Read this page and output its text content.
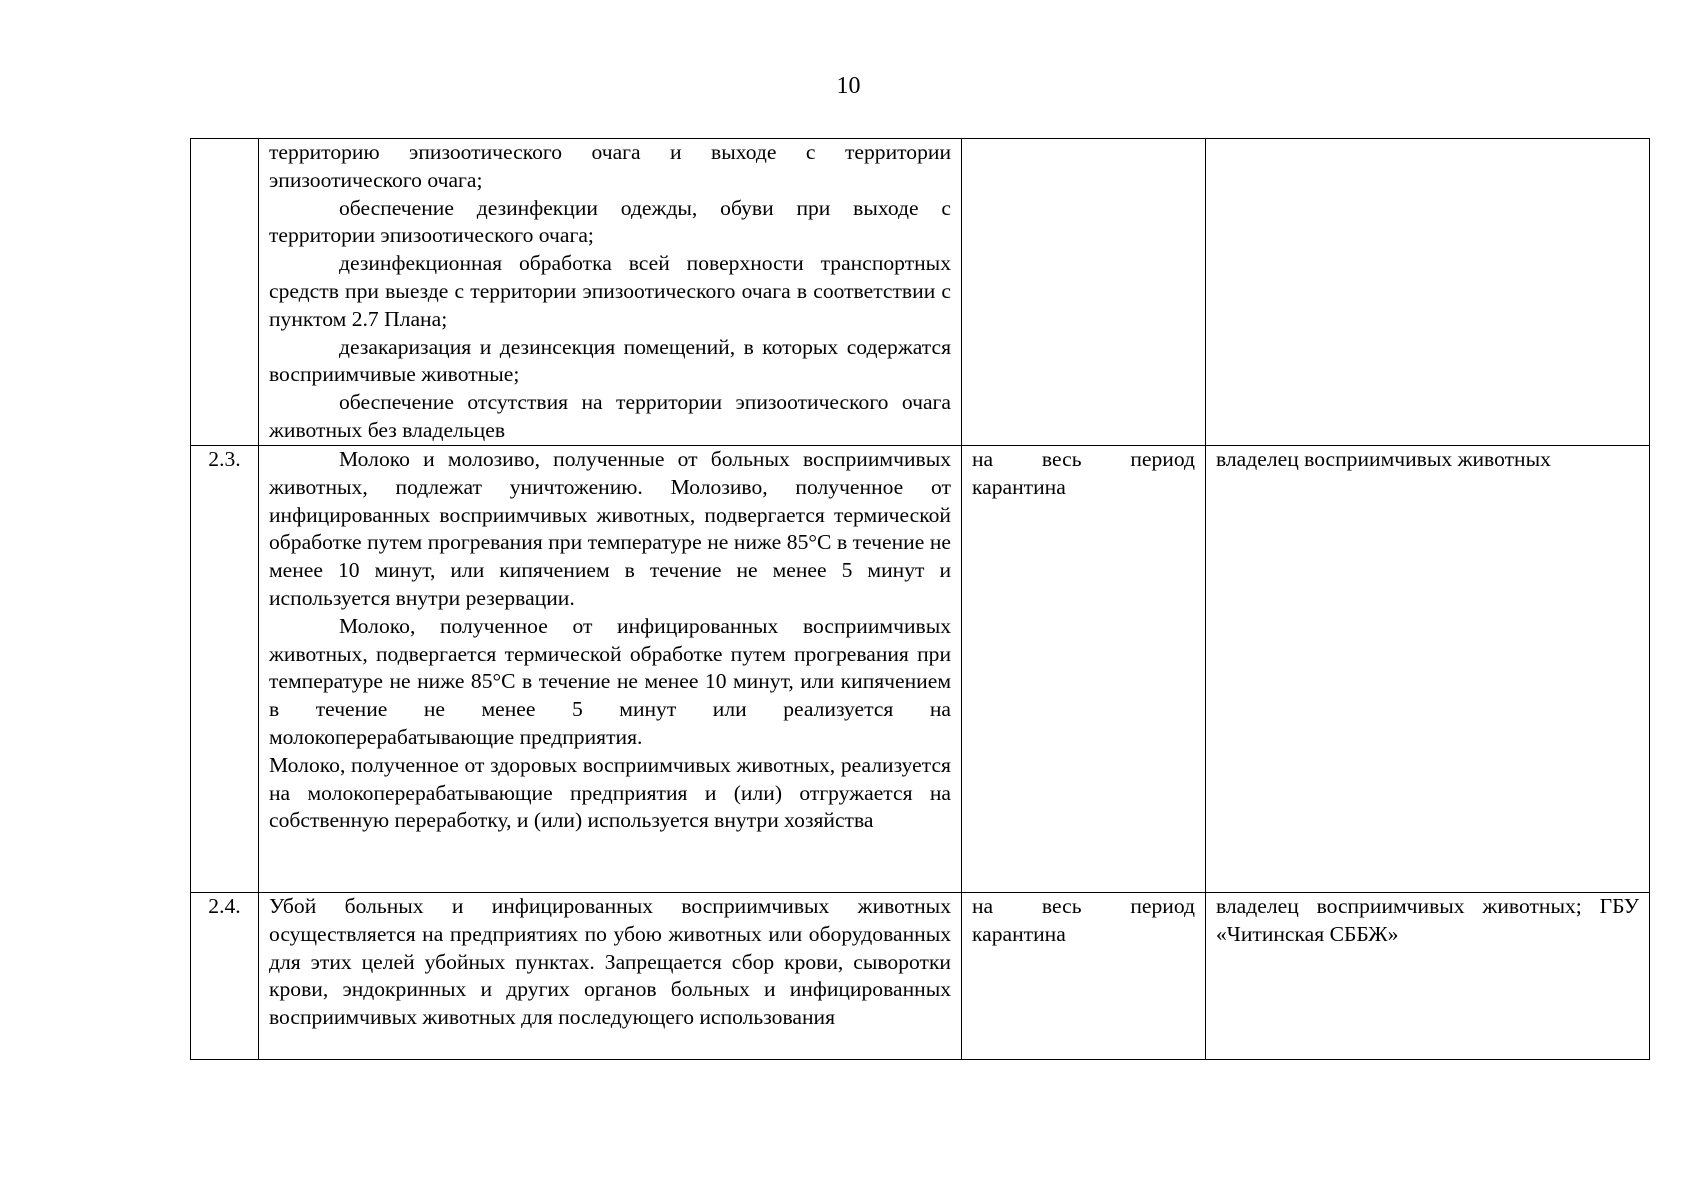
10

	территорию эпизоотического очага и выходе с территории эпизоотического очага;

обеспечение дезинфекции одежды, обуви при выходе с территории эпизоотического очага;

дезинфекционная обработка всей поверхности транспортных средств при выезде с территории эпизоотического очага в соответствии с пунктом 2.7 Плана;

дезакаризация и дезинсекция помещений, в которых содержатся восприимчивые животные;

обеспечение отсутствия на территории эпизоотического очага животных без владельцев		

2.3.	Молоко и молозиво, полученные от больных восприимчивых животных, подлежат уничтожению. Молозиво, полученное от инфицированных восприимчивых животных, подвергается термической обработке путем прогревания при температуре не ниже 85°С в течение не менее 10 минут, или кипячением в течение не менее 5 минут и используется внутри резервации.

Молоко, полученное от инфицированных восприимчивых животных, подвергается термической обработке путем прогревания при температуре не ниже 85°С в течение не менее 10 минут, или кипячением в течение не менее 5 минут или реализуется на молокоперерабатывающие предприятия.

Молоко, полученное от здоровых восприимчивых животных, реализуется на молокоперерабатывающие предприятия и (или) отгружается на собственную переработку, и (или) используется внутри хозяйства	на весь период карантина	владелец восприимчивых животных

2.4.	Убой больных и инфицированных восприимчивых животных осуществляется на предприятиях по убою животных или оборудованных для этих целей убойных пунктах. Запрещается сбор крови, сыворотки крови, эндокринных и других органов больных и инфицированных восприимчивых животных для последующего использования	на весь период карантина	владелец восприимчивых животных; ГБУ «Читинская СББЖ»
